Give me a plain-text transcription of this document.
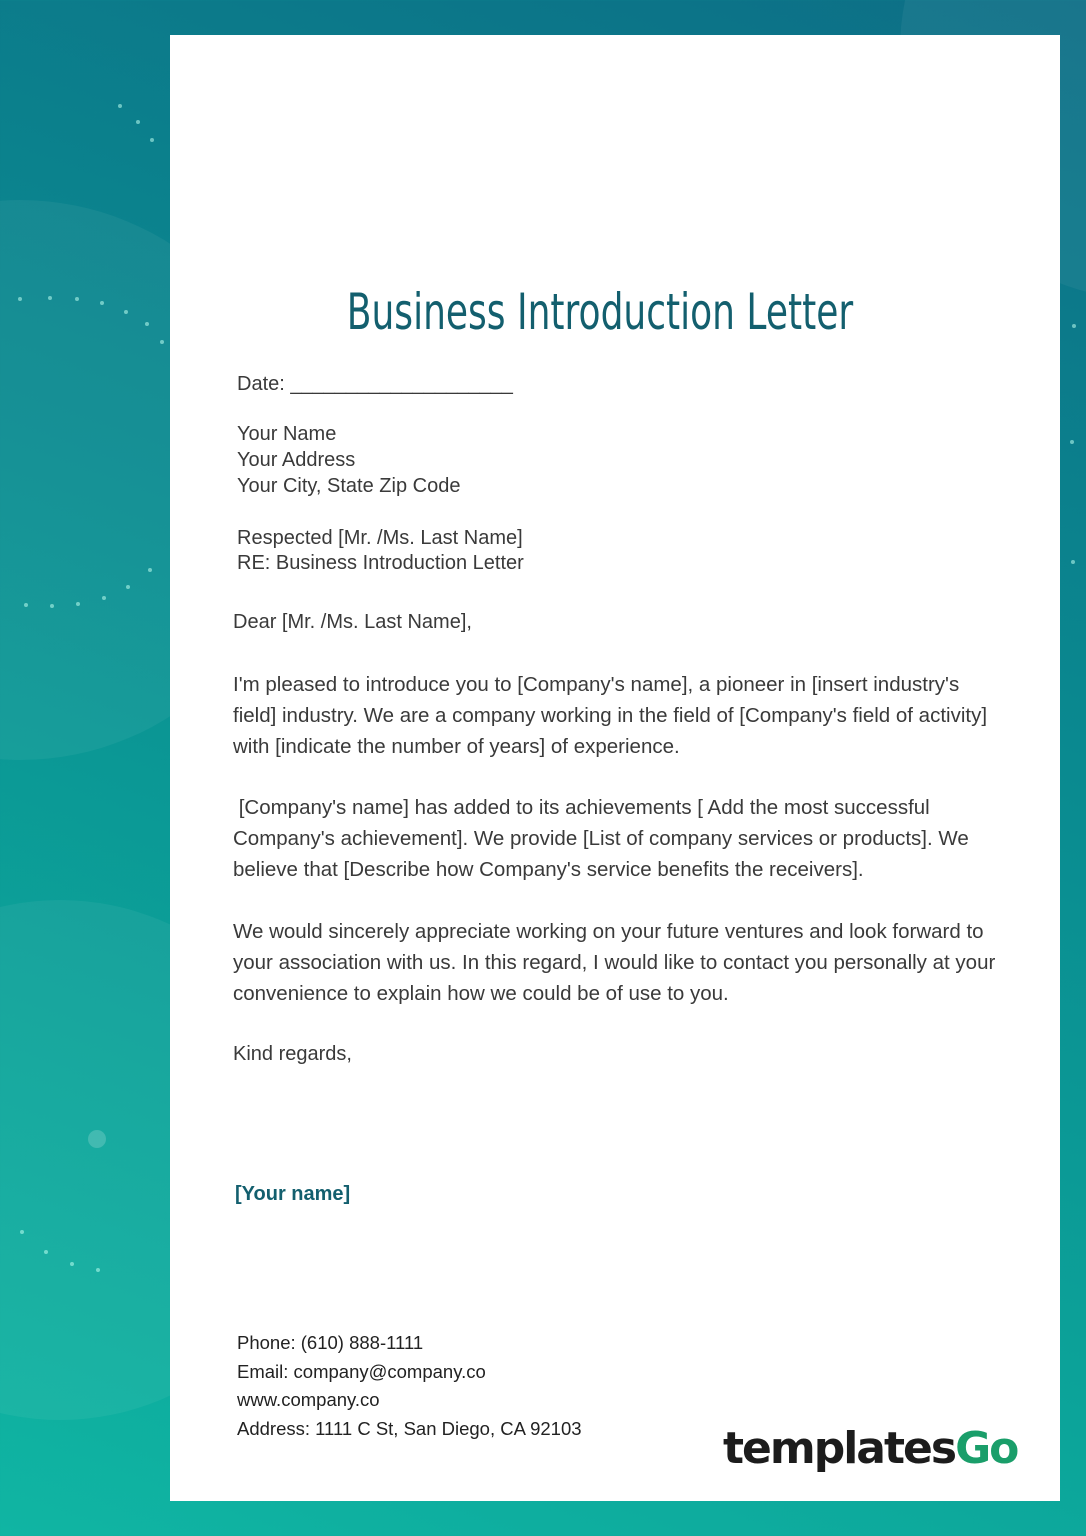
Business Introduction Letter
Date: ____________________
Your Name
Your Address
Your City, State Zip Code
Respected [Mr. /Ms. Last Name]
RE: Business Introduction Letter
Dear [Mr. /Ms. Last Name],
I'm pleased to introduce you to [Company's name], a pioneer in [insert industry's field] industry. We are a company working in the field of [Company's field of activity] with [indicate the number of years] of experience.
[Company's name] has added to its achievements [ Add the most successful Company's achievement]. We provide [List of company services or products]. We believe that [Describe how Company's service benefits the receivers].
We would sincerely appreciate working on your future ventures and look forward to your association with us. In this regard, I would like to contact you personally at your convenience to explain how we could be of use to you.
Kind regards,
[Your name]
Phone: (610) 888-1111
Email: company@company.co
www.company.co
Address: 1111 C St, San Diego, CA 92103	templatesGo
